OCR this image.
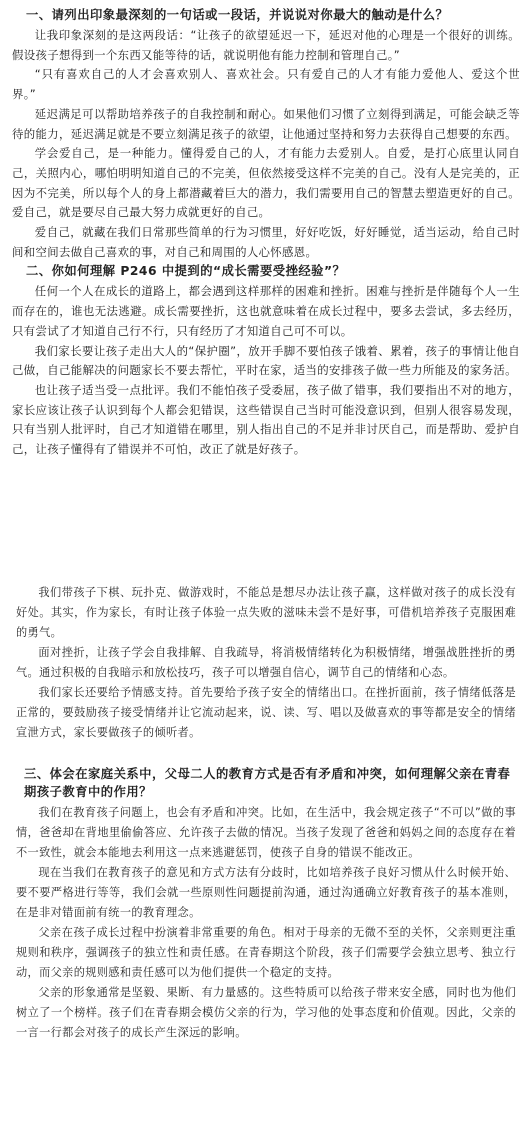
一、请列出印象最深刻的一句话或一段话，并说说对你最大的触动是什么？

让我印象深刻的是这两段话：“让孩子的欲望延迟一下，延迟对他的心理是一个很好的训练。假设孩子想得到一个东西又能等待的话，就说明他有能力控制和管理自己。”

“只有喜欢自己的人才会喜欢别人、喜欢社会。只有爱自己的人才有能力爱他人、爱这个世界。”

延迟满足可以帮助培养孩子的自我控制和耐心。如果他们习惯了立刻得到满足，可能会缺乏等待的能力，延迟满足就是不要立刻满足孩子的欲望，让他通过坚持和努力去获得自己想要的东西。

学会爱自己，是一种能力。懂得爱自己的人，才有能力去爱别人。自爱，是打心底里认同自己，关照内心，哪怕明明知道自己的不完美，但依然接受这样不完美的自己。没有人是完美的，正因为不完美，所以每个人的身上都潜藏着巨大的潜力，我们需要用自己的智慧去塑造更好的自己。爱自己，就是要尽自己最大努力成就更好的自己。

爱自己，就藏在我们日常那些简单的行为习惯里，好好吃饭，好好睡觉，适当运动，给自己时间和空间去做自己喜欢的事，对自己和周围的人心怀感恩。

二、你如何理解 P246 中提到的“成长需要受挫经验”？

任何一个人在成长的道路上，都会遇到这样那样的困难和挫折。困难与挫折是伴随每个人一生而存在的，谁也无法逃避。成长需要挫折，这也就意味着在成长过程中，要多去尝试，多去经历，只有尝试了才知道自己行不行，只有经历了才知道自己可不可以。

我们家长要让孩子走出大人的“保护圈”，放开手脚不要怕孩子饿着、累着，孩子的事情让他自己做，自己能解决的问题家长不要去帮忙，平时在家，适当的安排孩子做一些力所能及的家务活。

也让孩子适当受一点批评。我们不能怕孩子受委屈，孩子做了错事，我们要指出不对的地方，家长应该让孩子认识到每个人都会犯错误，这些错误自己当时可能没意识到，但别人很容易发现，只有当别人批评时，自己才知道错在哪里，别人指出自己的不足并非讨厌自己，而是帮助、爱护自己，让孩子懂得有了错误并不可怕，改正了就是好孩子。

我们带孩子下棋、玩扑克、做游戏时，不能总是想尽办法让孩子赢，这样做对孩子的成长没有好处。其实，作为家长，有时让孩子体验一点失败的滋味未尝不是好事，可借机培养孩子克服困难的勇气。

面对挫折，让孩子学会自我排解、自我疏导，将消极情绪转化为积极情绪，增强战胜挫折的勇气。通过积极的自我暗示和放松技巧，孩子可以增强自信心，调节自己的情绪和心态。

我们家长还要给予情感支持。首先要给予孩子安全的情绪出口。在挫折面前，孩子情绪低落是正常的，要鼓励孩子接受情绪并让它流动起来，说、读、写、唱以及做喜欢的事等都是安全的情绪宣泄方式，家长要做孩子的倾听者。

三、体会在家庭关系中，父母二人的教育方式是否有矛盾和冲突，如何理解父亲在青春期孩子教育中的作用？

我们在教育孩子问题上，也会有矛盾和冲突。比如，在生活中，我会规定孩子“不可以”做的事情，爸爸却在背地里偷偷答应、允许孩子去做的情况。当孩子发现了爸爸和妈妈之间的态度存在着不一致性，就会本能地去利用这一点来逃避惩罚，使孩子自身的错误不能改正。

现在当我们在教育孩子的意见和方式方法有分歧时，比如培养孩子良好习惯从什么时候开始、要不要严格进行等等，我们会就一些原则性问题提前沟通，通过沟通确立好教育孩子的基本准则，在是非对错面前有统一的教育理念。

父亲在孩子成长过程中扮演着非常重要的角色。相对于母亲的无微不至的关怀，父亲则更注重规则和秩序，强调孩子的独立性和责任感。在青春期这个阶段，孩子们需要学会独立思考、独立行动，而父亲的规则感和责任感可以为他们提供一个稳定的支持。

父亲的形象通常是坚毅、果断、有力量感的。这些特质可以给孩子带来安全感，同时也为他们树立了一个榜样。孩子们在青春期会模仿父亲的行为，学习他的处事态度和价值观。因此，父亲的一言一行都会对孩子的成长产生深远的影响。
